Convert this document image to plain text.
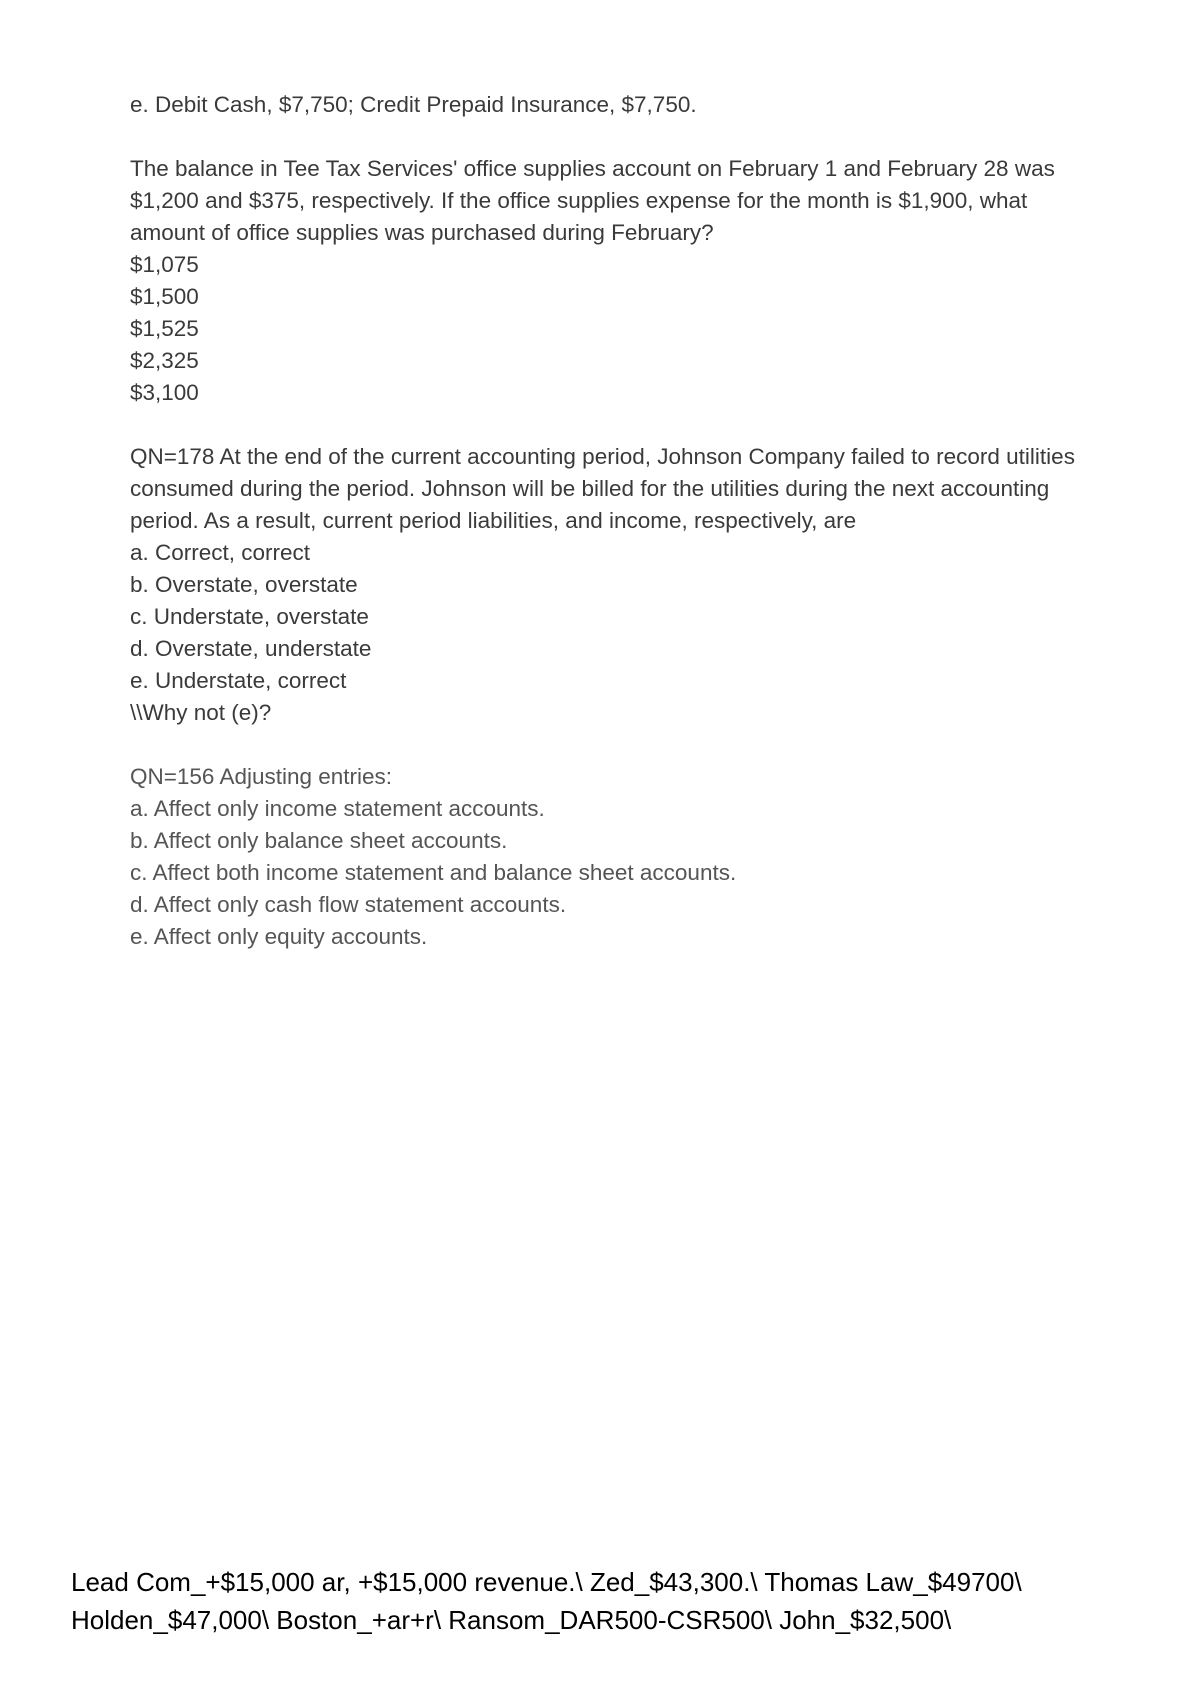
e. Debit Cash, $7,750; Credit Prepaid Insurance, $7,750.

The balance in Tee Tax Services' office supplies account on February 1 and February 28 was

$1,200 and $375, respectively. If the office supplies expense for the month is $1,900, what

amount of office supplies was purchased during February?

$1,075

$1,500

$1,525

$2,325

$3,100

QN=178 At the end of the current accounting period, Johnson Company failed to record utilities

consumed during the period. Johnson will be billed for the utilities during the next accounting

period. As a result, current period liabilities, and income, respectively, are

a. Correct, correct

b. Overstate, overstate

c. Understate, overstate

d. Overstate, understate

e. Understate, correct

\\Why not (e)?

QN=156 Adjusting entries:

a. Affect only income statement accounts.

b. Affect only balance sheet accounts.

c. Affect both income statement and balance sheet accounts.

d. Affect only cash flow statement accounts.

e. Affect only equity accounts.

Lead Com_+$15,000 ar, +$15,000 revenue.\ Zed_$43,300.\ Thomas Law_$49700\

Holden_$47,000\ Boston_+ar+r\ Ransom_DAR500-CSR500\ John_$32,500\
